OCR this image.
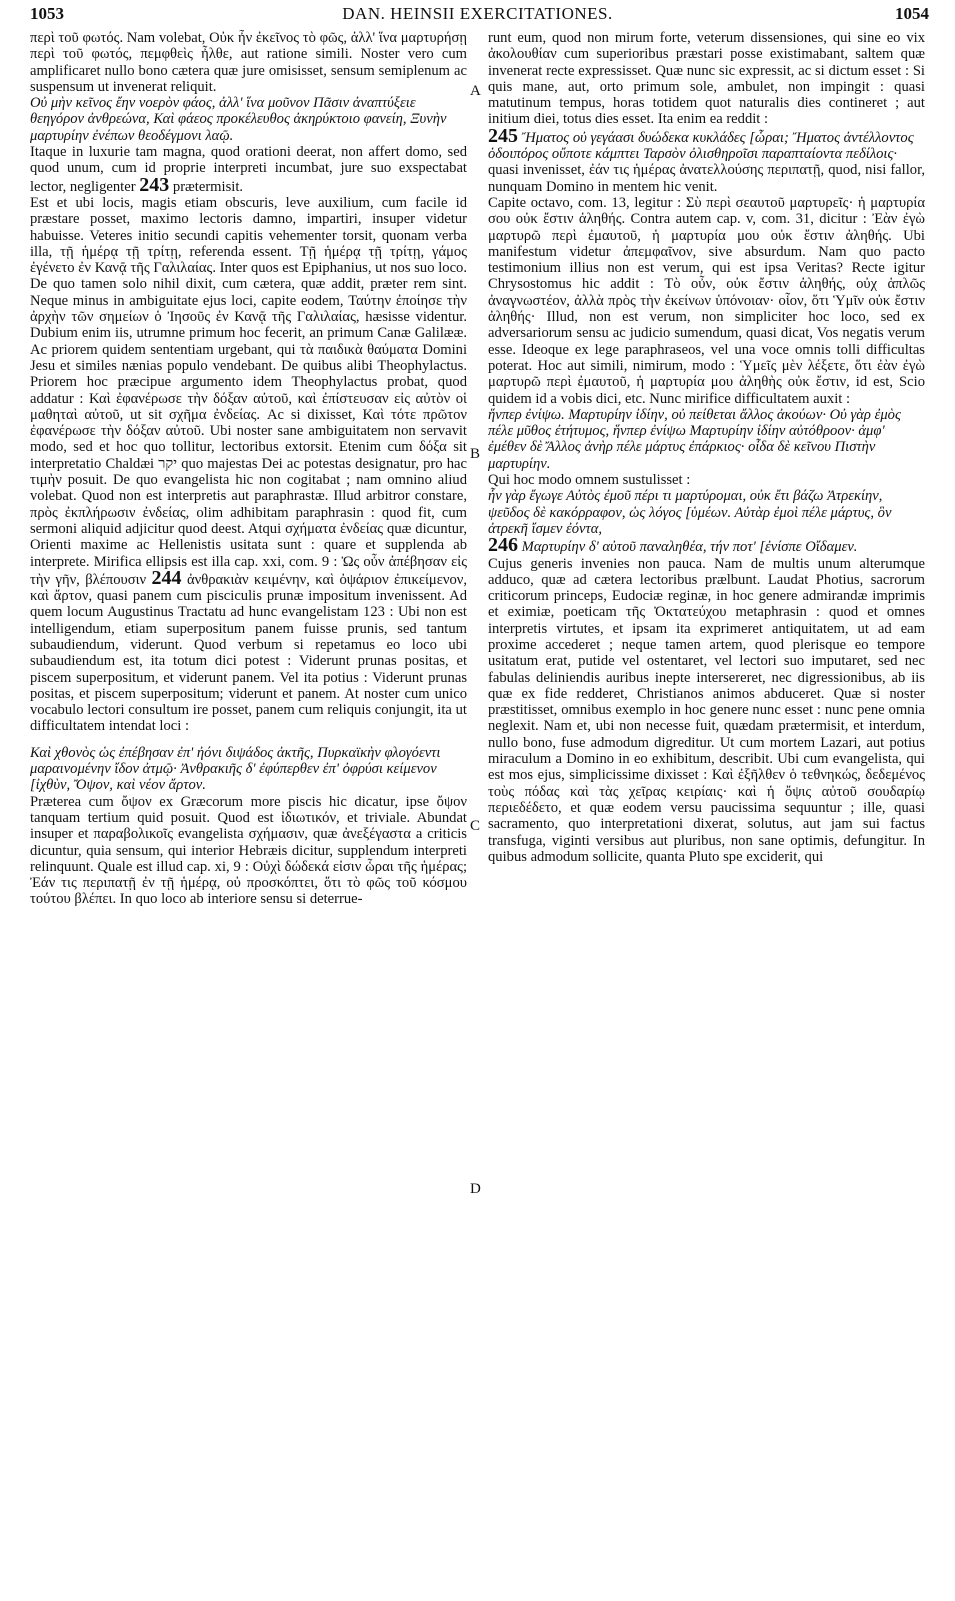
1053	DAN. HEINSII EXERCITATIONES.	1054
A
B
C
D

περὶ τοῦ φωτός. Nam volebat, Οὐκ ἦν ἐκεῖνος τὸ φῶς, ἀλλ' ἵνα μαρτυρήσῃ περὶ τοῦ φωτός, πεμφθεὶς ἦλθε, aut ratione simili. Noster vero cum amplificaret nullo bono cætera quæ jure omisisset, sensum semiplenum ac suspensum ut invenerat reliquit.

Οὐ μὴν κεῖνος ἔην νοερὸν φάος, ἀλλ' ἵνα μοῦνον Πᾶσιν ἀναπτύξειε θεηγόρον ἀνθρεώνα, Καὶ φάεος προκέλευθος ἀκηρύκτοιο φανείη, Ξυνὴν μαρτυρίην ἐνέπων θεοδέγμονι λαῷ.

Itaque in luxurie tam magna, quod orationi deerat, non affert domo, sed quod unum, cum id proprie interpreti incumbat, jure suo exspectabat lector, negligenter 243 prætermisit.

Est et ubi locis, magis etiam obscuris, leve auxilium, cum facile id præstare posset, maximo lectoris damno, impartiri, insuper videtur habuisse. Veteres initio secundi capitis vehementer torsit, quonam verba illa, τῇ ἡμέρᾳ τῇ τρίτῃ, referenda essent. Τῇ ἡμέρᾳ τῇ τρίτῃ, γάμος ἐγένετο ἐν Κανᾷ τῆς Γαλιλαίας. Inter quos est Epiphanius, ut nos suo loco. De quo tamen solo nihil dixit, cum cætera, quæ addit, præter rem sint. Neque minus in ambiguitate ejus loci, capite eodem, Ταύτην ἐποίησε τὴν ἀρχὴν τῶν σημείων ὁ Ἰησοῦς ἐν Κανᾷ τῆς Γαλιλαίας, hæsisse videntur. Dubium enim iis, utrumne primum hoc fecerit, an primum Canæ Galilææ. Ac priorem quidem sententiam urgebant, qui τὰ παιδικὰ θαύματα Domini Jesu et similes nænias populo vendebant. De quibus alibi Theophylactus. Priorem hoc præcipue argumento idem Theophylactus probat, quod addatur : Καὶ ἐφανέρωσε τὴν δόξαν αὐτοῦ, καὶ ἐπίστευσαν εἰς αὐτὸν οἱ μαθηταὶ αὐτοῦ, ut sit σχῆμα ἐνδείας. Ac si dixisset, Καὶ τότε πρῶτον ἐφανέρωσε τὴν δόξαν αὐτοῦ. Ubi noster sane ambiguitatem non servavit modo, sed et hoc quo tollitur, lectoribus extorsit. Etenim cum δόξα sit interpretatio Chaldæi יקר quo majestas Dei ac potestas designatur, pro hac τιμὴν posuit. De quo evangelista hic non cogitabat ; nam omnino aliud volebat. Quod non est interpretis aut paraphrastæ. Illud arbitror constare, πρὸς ἐκπλήρωσιν ἐνδείας, olim adhibitam paraphrasin : quod fit, cum sermoni aliquid adjicitur quod deest. Atqui σχήματα ἐνδείας quæ dicuntur, Orienti maxime ac Hellenistis usitata sunt : quare et supplenda ab interprete. Mirifica ellipsis est illa cap. xxi, com. 9 : Ὡς οὖν ἀπέβησαν εἰς τὴν γῆν, βλέπουσιν 244 ἀνθρακιὰν κειμένην, καὶ ὀψάριον ἐπικείμενον, καὶ ἄρτον, quasi panem cum pisciculis prunæ impositum invenissent. Ad quem locum Augustinus Tractatu ad hunc evangelistam 123 : Ubi non est intelligendum, etiam superpositum panem fuisse prunis, sed tantum subaudiendum, viderunt. Quod verbum si repetamus eo loco ubi subaudiendum est, ita totum dici potest : Viderunt prunas positas, et piscem superpositum, et viderunt panem. Vel ita potius : Viderunt prunas positas, et piscem superpositum; viderunt et panem. At noster cum unico vocabulo lectori consultum ire posset, panem cum reliquis conjungit, ita ut difficultatem intendat loci :

Καὶ χθονὸς ὡς ἐπέβησαν ἐπ' ἠόνι διψάδος ἀκτῆς, Πυρκαϊκὴν φλογόεντι μαραινομένην ἴδον ἀτμῷ· Ἀνθρακιῆς δ' ἐφύπερθεν ἐπ' ὀφρύσι κείμενον [ἰχθὺν, Ὄψον, καὶ νέον ἄρτον.

Præterea cum ὄψον ex Græcorum more piscis hic dicatur, ipse ὄψον tanquam tertium quid posuit. Quod est ἰδιωτικόν, et triviale. Abundat insuper et παραβολικοῖς evangelista σχήμασιν, quæ ἀνεξέγαστα a criticis dicuntur, quia sensum, qui interior Hebræis dicitur, supplendum interpreti relinquunt. Quale est illud cap. xi, 9 : Οὐχὶ δώδεκά εἰσιν ὧραι τῆς ἡμέρας; Ἐάν τις περιπατῇ ἐν τῇ ἡμέρᾳ, οὐ προσκόπτει, ὅτι τὸ φῶς τοῦ κόσμου τούτου βλέπει. In quo loco ab interiore sensu si deterrue-

runt eum, quod non mirum forte, veterum dissensiones, qui sine eo vix ἀκολουθίαν cum superioribus præstari posse existimabant, saltem quæ invenerat recte expressisset. Quæ nunc sic expressit, ac si dictum esset : Si quis mane, aut, orto primum sole, ambulet, non impingit : quasi matutinum tempus, horas totidem quot naturalis dies contineret ; aut initium diei, totus dies esset. Ita enim ea reddit :

245 Ἤματος οὐ γεγάασι δυώδεκα κυκλάδες [ὧραι; Ἤματος ἀντέλλοντος ὁδοιπόρος οὔποτε κάμπτει Ταρσὸν ὀλισθηροῖσι παραπταίοντα πεδίλοις·

quasi invenisset, ἐάν τις ἡμέρας ἀνατελλούσης περιπατῇ, quod, nisi fallor, nunquam Domino in mentem hic venit.

Capite octavo, com. 13, legitur : Σὺ περὶ σεαυτοῦ μαρτυρεῖς· ἡ μαρτυρία σου οὐκ ἔστιν ἀληθής. Contra autem cap. v, com. 31, dicitur : Ἐὰν ἐγὼ μαρτυρῶ περὶ ἐμαυτοῦ, ἡ μαρτυρία μου οὐκ ἔστιν ἀληθής. Ubi manifestum videtur ἀπεμφαῖνον, sive absurdum. Nam quo pacto testimonium illius non est verum, qui est ipsa Veritas? Recte igitur Chrysostomus hic addit : Τὸ οὖν, οὐκ ἔστιν ἀληθής, οὐχ ἁπλῶς ἀναγνωστέον, ἀλλὰ πρὸς τὴν ἐκείνων ὑπόνοιαν· οἷον, ὅτι Ὑμῖν οὐκ ἔστιν ἀληθής· Illud, non est verum, non simpliciter hoc loco, sed ex adversariorum sensu ac judicio sumendum, quasi dicat, Vos negatis verum esse. Ideoque ex lege paraphraseos, vel una voce omnis tolli difficultas poterat. Hoc aut simili, nimirum, modo : Ὑμεῖς μὲν λέξετε, ὅτι ἐὰν ἐγὼ μαρτυρῶ περὶ ἐμαυτοῦ, ἡ μαρτυρία μου ἀληθὴς οὐκ ἔστιν, id est, Scio quidem id a vobis dici, etc. Nunc mirifice difficultatem auxit :

ἥνπερ ἐνίψω. Μαρτυρίην ἰδίην, οὐ πείθεται ἄλλος ἀκούων· Οὐ γὰρ ἐμὸς πέλε μῦθος ἐτήτυμος, ἥνπερ ἐνίψω Μαρτυρίην ἰδίην αὐτόθροον· ἀμφ' ἐμέθεν δὲ Ἄλλος ἀνὴρ πέλε μάρτυς ἐπάρκιος· οἶδα δὲ κεῖνου Πιστὴν μαρτυρίην.

Qui hoc modo omnem sustulisset :

ἦν γὰρ ἔγωγε Αὐτὸς ἐμοῦ πέρι τι μαρτύρομαι, οὐκ ἔτι βάζω Ἀτρεκίην, ψεῦδος δὲ κακόρραφον, ὡς λόγος [ὑμέων. Αὐτὰρ ἐμοὶ πέλε μάρτυς, ὃν ἀτρεκῆ ἴσμεν ἐόντα,

246 Μαρτυρίην δ' αὐτοῦ παναληθέα, τήν ποτ' [ἐνίσπε Οἴδαμεν.

Cujus generis invenies non pauca. Nam de multis unum alterumque adduco, quæ ad cætera lectoribus prælbunt. Laudat Photius, sacrorum criticorum princeps, Eudociæ reginæ, in hoc genere admirandæ imprimis et eximiæ, poeticam τῆς Ὀκτατεύχου metaphrasin : quod et omnes interpretis virtutes, et ipsam ita exprimeret antiquitatem, ut ad eam proxime accederet ; neque tamen artem, quod plerisque eo tempore usitatum erat, putide vel ostentaret, vel lectori suo imputaret, sed nec fabulas deliniendis auribus inepte intersereret, nec digressionibus, ab iis quæ ex fide redderet, Christianos animos abduceret. Quæ si noster præstitisset, omnibus exemplo in hoc genere nunc esset : nunc pene omnia neglexit. Nam et, ubi non necesse fuit, quædam prætermisit, et interdum, nullo bono, fuse admodum digreditur. Ut cum mortem Lazari, aut potius miraculum a Domino in eo exhibitum, describit. Ubi cum evangelista, qui est mos ejus, simplicissime dixisset : Καὶ ἐξῆλθεν ὁ τεθνηκώς, δεδεμένος τοὺς πόδας καὶ τὰς χεῖρας κειρίαις· καὶ ἡ ὄψις αὐτοῦ σουδαρίῳ περιεδέδετο, et quæ eodem versu paucissima sequuntur ; ille, quasi sacramento, quo interpretationi dixerat, solutus, aut jam sui factus transfuga, viginti versibus aut pluribus, non sane optimis, defungitur. In quibus admodum sollicite, quanta Pluto spe exciderit, qui
